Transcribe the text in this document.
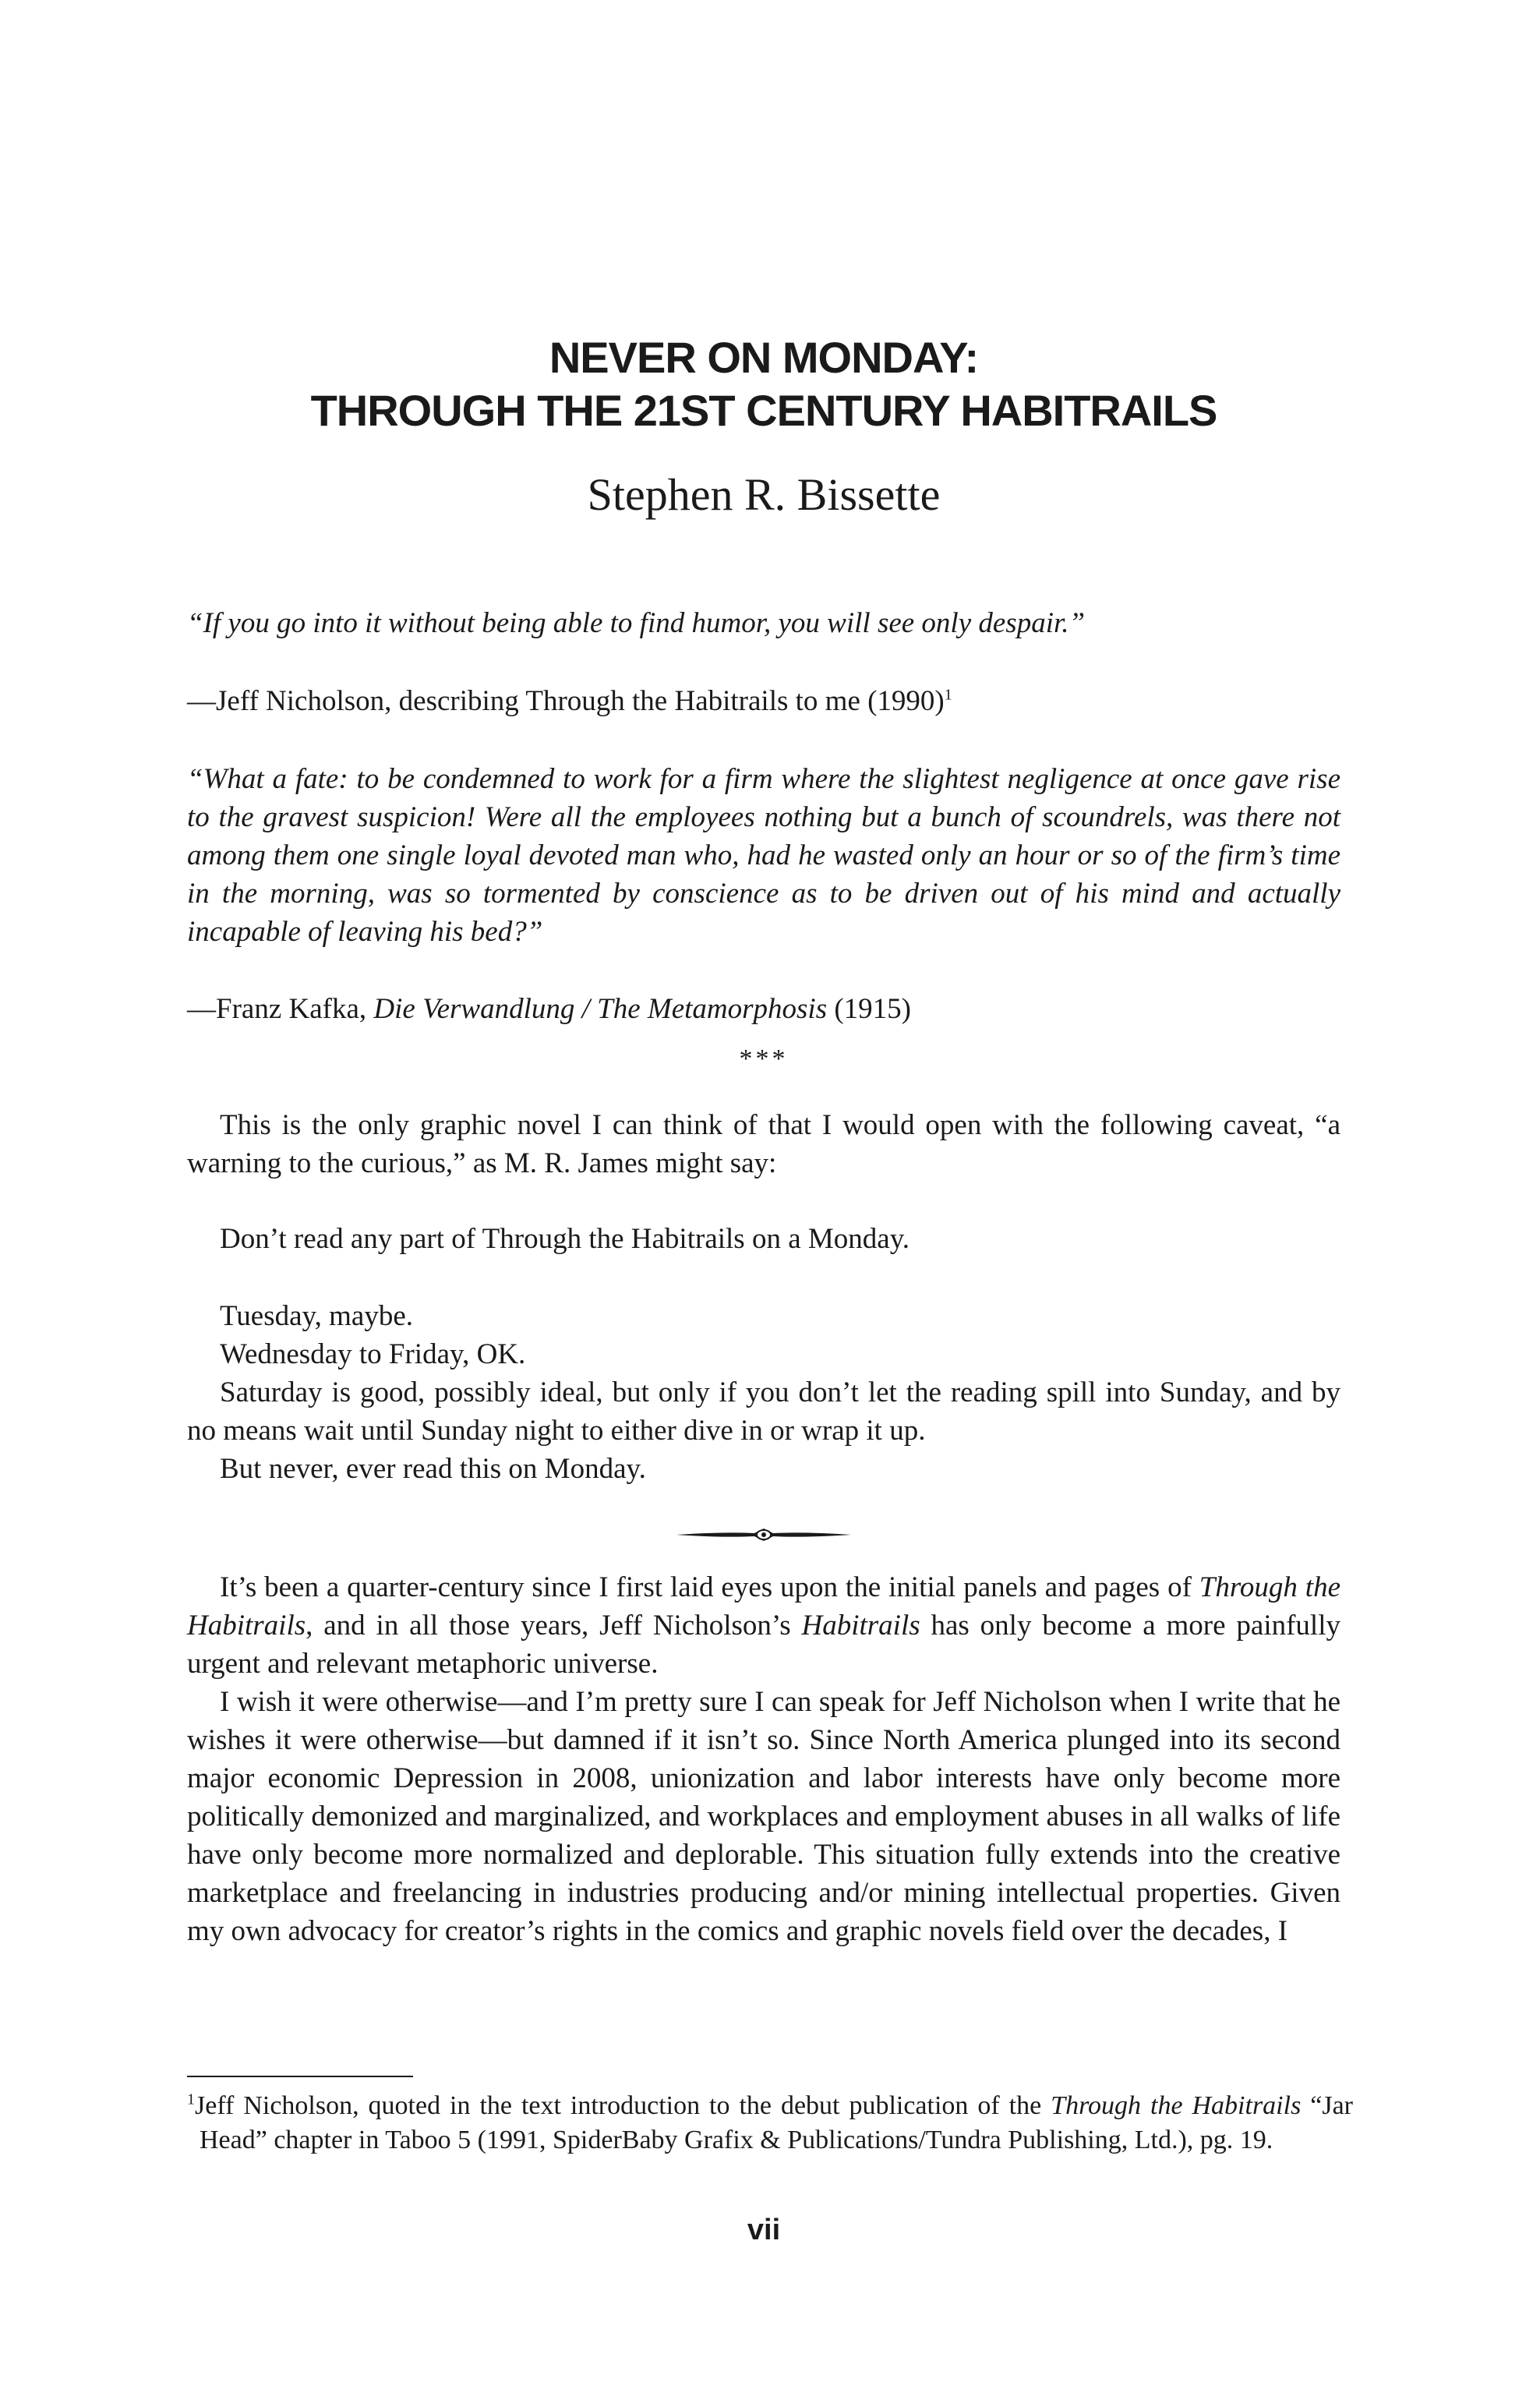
NEVER ON MONDAY:
THROUGH THE 21ST CENTURY HABITRAILS
Stephen R. Bissette

“If you go into it without being able to find humor, you will see only despair.”

—Jeff Nicholson, describing Through the Habitrails to me $(1990)^1$

“What a fate: to be condemned to work for a firm where the slightest negligence at once gave rise to the gravest suspicion! Were all the employees nothing but a bunch of scoundrels, was there not among them one single loyal devoted man who, had he wasted only an hour or so of the firm’s time in the morning, was so tormented by conscience as to be driven out of his mind and actually incapable of leaving his bed?”

—Franz Kafka, Die Verwandlung / The Metamorphosis (1915)

***

This is the only graphic novel I can think of that I would open with the following caveat, “a warning to the curious,” as M. R. James might say:

Don’t read any part of Through the Habitrails on a Monday.

Tuesday, maybe.

Wednesday to Friday, OK.

Saturday is good, possibly ideal, but only if you don’t let the reading spill into Sunday, and by no means wait until Sunday night to either dive in or wrap it up.

But never, ever read this on Monday.

It’s been a quarter-century since I first laid eyes upon the initial panels and pages of Through the Habitrails, and in all those years, Jeff Nicholson’s Habitrails has only become a more painfully urgent and relevant metaphoric universe.

I wish it were otherwise—and I’m pretty sure I can speak for Jeff Nicholson when I write that he wishes it were otherwise—but damned if it isn’t so. Since North America plunged into its second major economic Depression in 2008, unionization and labor interests have only become more politically demonized and marginalized, and workplaces and employment abuses in all walks of life have only become more normalized and deplorable. This situation fully extends into the creative marketplace and freelancing in industries producing and/or mining intellectual properties. Given my own advocacy for creator’s rights in the comics and graphic novels field over the decades, I

$^1$Jeff Nicholson, quoted in the text introduction to the debut publication of the Through the Habitrails “Jar Head” chapter in Taboo 5 (1991, SpiderBaby Grafix & Publications/Tundra Publishing, Ltd.), pg. 19.

vii
